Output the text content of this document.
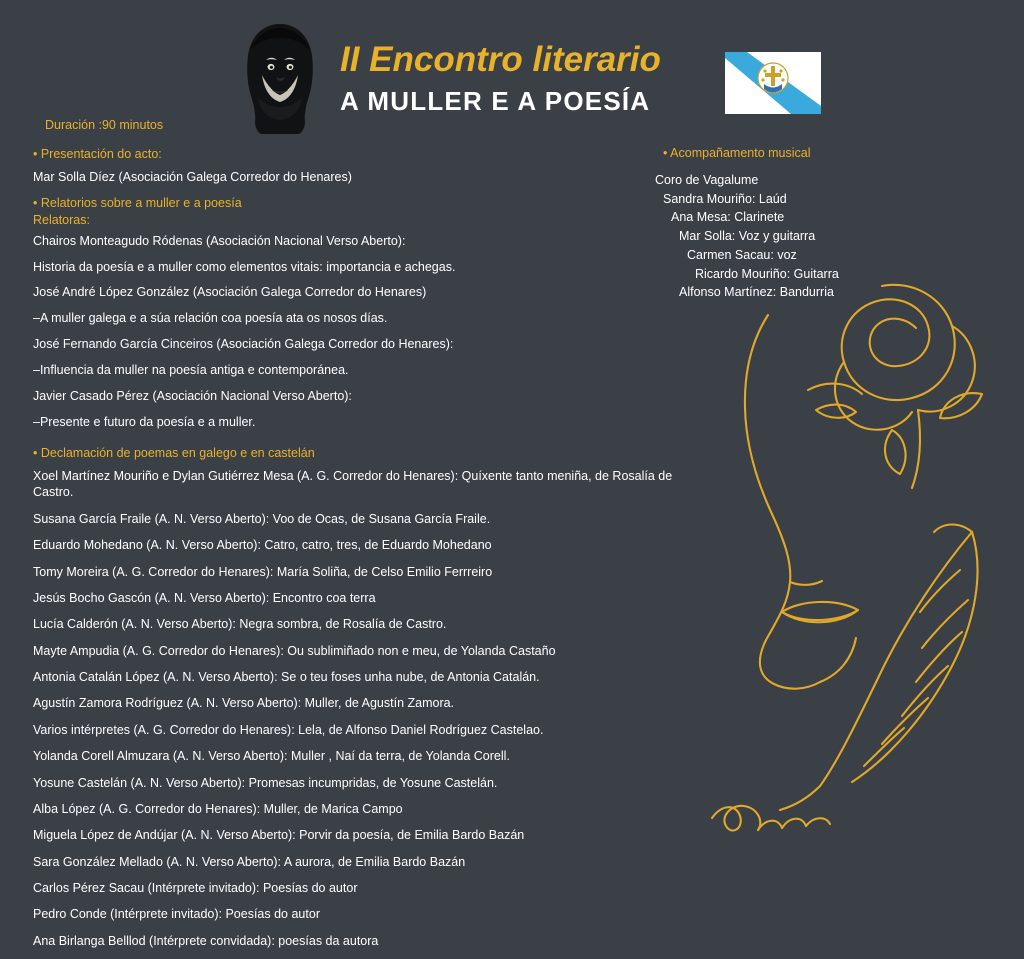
II Encontro literario
A MULLER E A POESÍA
Duración :90 minutos
• Presentación do acto:
Mar Solla Díez (Asociación Galega Corredor do Henares)
• Relatorios sobre a muller e a poesía
Relatoras:
Chairos Monteagudo Ródenas (Asociación Nacional Verso Aberto):
Historia da poesía e a muller como elementos vitais: importancia e achegas.
José André López González (Asociación Galega Corredor do Henares)
–A muller galega e a súa relación coa poesía ata os nosos días.
José Fernando García Cinceiros (Asociación Galega Corredor do Henares):
–Influencia da muller na poesía antiga e contemporánea.
Javier Casado Pérez (Asociación Nacional Verso Aberto):
–Presente e futuro da poesía e a muller.
• Declamación de poemas en galego e en castelán
Xoel Martínez Mouriño e Dylan Gutiérrez Mesa (A. G. Corredor do Henares): Quíxente tanto meniña, de Rosalía de Castro.
Susana García Fraile (A. N. Verso Aberto): Voo de Ocas, de Susana García Fraile.
Eduardo Mohedano (A. N. Verso Aberto): Catro, catro, tres, de Eduardo Mohedano
Tomy Moreira (A. G. Corredor do Henares): María Soliña, de Celso Emilio Ferrreiro
Jesús Bocho Gascón (A. N. Verso Aberto): Encontro coa terra
Lucía Calderón (A. N. Verso Aberto): Negra sombra, de Rosalía de Castro.
Mayte Ampudia (A. G. Corredor do Henares): Ou sublimiñado non e meu, de Yolanda Castaño
Antonia Catalán López (A. N. Verso Aberto): Se o teu foses unha nube, de Antonia Catalán.
Agustín Zamora Rodríguez (A. N. Verso Aberto): Muller, de Agustín Zamora.
Varios intérpretes (A. G. Corredor do Henares): Lela, de Alfonso Daniel Rodríguez Castelao.
Yolanda Corell Almuzara (A. N. Verso Aberto): Muller , Naí da terra, de Yolanda Corell.
Yosune Castelán (A. N. Verso Aberto): Promesas incumpridas, de Yosune Castelán.
Alba López (A. G. Corredor do Henares): Muller, de Marica Campo
Miguela López de Andújar (A. N. Verso Aberto): Porvir da poesía, de Emilia Bardo Bazán
Sara González Mellado (A. N. Verso Aberto): A aurora, de Emilia Bardo Bazán
Carlos Pérez Sacau (Intérprete invitado): Poesías do autor
Pedro Conde (Intérprete invitado): Poesías do autor
Ana Birlanga Belllod (Intérprete convidada): poesías da autora
• Acompañamento musical
Coro de Vagalume
Sandra Mouriño: Laúd
Ana Mesa: Clarinete
Mar Solla: Voz y guitarra
Carmen Sacau: voz
Ricardo Mouriño: Guitarra
Alfonso Martínez: Bandurria
